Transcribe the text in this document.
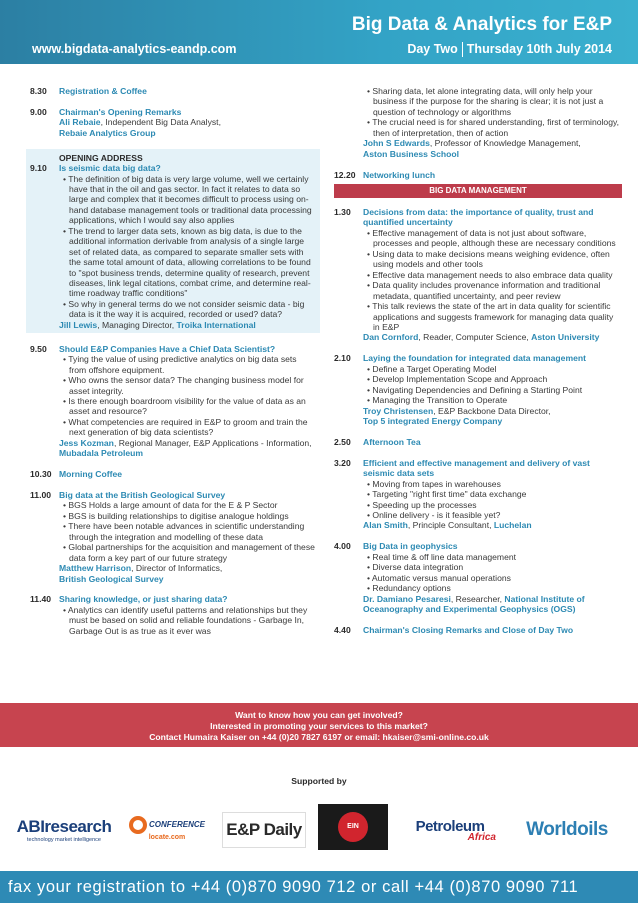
www.bigdata-analytics-eandp.com
Big Data & Analytics for E&P
Day Two Thursday 10th July 2014
8.30	Registration & Coffee
9.00	Chairman's Opening Remarks
Ali Rebaie, Independent Big Data Analyst,
Rebaie Analytics Group
OPENING ADDRESS
9.10	Is seismic data big data?
• The definition of big data is very large volume, well we certainly have that in the oil and gas sector. In fact it relates to data so large and complex that it becomes difficult to process using on-hand database management tools or traditional data processing applications, which I would say also applies
• The trend to larger data sets, known as big data, is due to the additional information derivable from analysis of a single large set of related data, as compared to separate smaller sets with the same total amount of data, allowing correlations to be found to "spot business trends, determine quality of research, prevent diseases, link legal citations, combat crime, and determine real-time roadway traffic conditions"
• So why in general terms do we not consider seismic data - big data is it the way it is acquired, recorded or used? data?
Jill Lewis, Managing Director, Troika International
9.50	Should E&P Companies Have a Chief Data Scientist?
• Tying the value of using predictive analytics on big data sets from offshore equipment.
• Who owns the sensor data? The changing business model for asset integrity.
• Is there enough boardroom visibility for the value of data as an asset and resource?
• What competencies are required in E&P to groom and train the next generation of big data scientists?
Jess Kozman, Regional Manager, E&P Applications - Information, Mubadala Petroleum
10.30 Morning Coffee
11.00 Big data at the British Geological Survey
• BGS Holds a large amount of data for the E & P Sector
• BGS is building relationships to digitise analogue holdings
• There have been notable advances in scientific understanding through the integration and modelling of these data
• Global partnerships for the acquisition and management of these data form a key part of our future strategy
Matthew Harrison, Director of Informatics,
British Geological Survey
11.40 Sharing knowledge, or just sharing data?
• Analytics can identify useful patterns and relationships but they must be based on solid and reliable foundations - Garbage In, Garbage Out is as true as it ever was
• Sharing data, let alone integrating data, will only help your business if the purpose for the sharing is clear; it is not just a question of technology or algorithms
• The crucial need is for shared understanding, first of terminology, then of interpretation, then of action
John S Edwards, Professor of Knowledge Management,
Aston Business School
12.20 Networking lunch
BIG DATA MANAGEMENT
1.30	Decisions from data: the importance of quality, trust and quantified uncertainty
• Effective management of data is not just about software, processes and people, although these are necessary conditions
• Using data to make decisions means weighing evidence, often using models and other tools
• Effective data management needs to also embrace data quality
• Data quality includes provenance information and traditional metadata, quantified uncertainty, and peer review
• This talk reviews the state of the art in data quality for scientific applications and suggests framework for managing data quality in E&P
Dan Cornford, Reader, Computer Science, Aston University
2.10	Laying the foundation for integrated data management
• Define a Target Operating Model
• Develop Implementation Scope and Approach
• Navigating Dependencies and Defining a Starting Point
• Managing the Transition to Operate
Troy Christensen, E&P Backbone Data Director,
Top 5 integrated Energy Company
2.50	Afternoon Tea
3.20	Efficient and effective management and delivery of vast seismic data sets
• Moving from tapes in warehouses
• Targeting "right first time" data exchange
• Speeding up the processes
• Online delivery - is it feasible yet?
Alan Smith, Principle Consultant, Luchelan
4.00	Big Data in geophysics
• Real time & off line data management
• Diverse data integration
• Automatic versus manual operations
• Redundancy options
Dr. Damiano Pesaresi, Researcher, National Institute of Oceanography and Experimental Geophysics (OGS)
4.40	Chairman's Closing Remarks and Close of Day Two
Want to know how you can get involved?
Interested in promoting your services to this market?
Contact Humaira Kaiser on +44 (0)20 7827 6197 or email: hkaiser@smi-online.co.uk
Supported by
ABIresearch
technology market intelligence
CONFERENCE
locate.com E&P Daily	EIN NEWS
Petroleum
Africa Worldoils
fax your registration to +44 (0)870 9090 712 or call +44 (0)870 9090 711
